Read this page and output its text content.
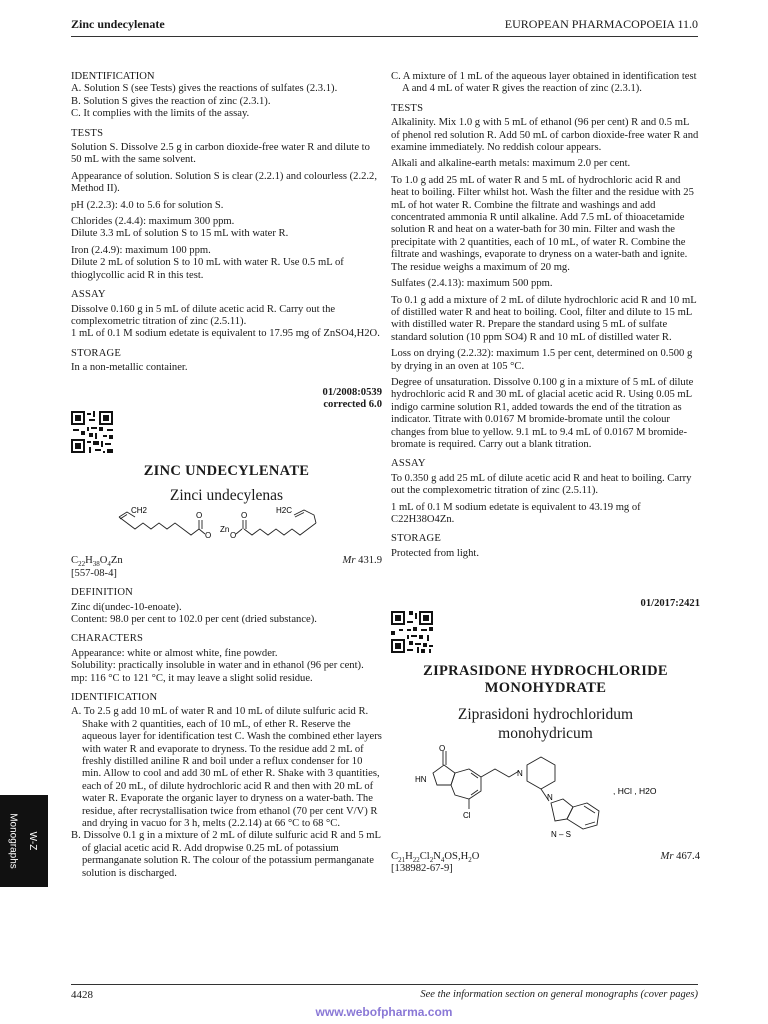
Zinc undecylenate	EUROPEAN PHARMACOPOEIA 11.0

IDENTIFICATION

A. Solution S (see Tests) gives the reactions of sulfates (2.3.1).

B. Solution S gives the reaction of zinc (2.3.1).

C. It complies with the limits of the assay.

TESTS

Solution S. Dissolve 2.5 g in carbon dioxide-free water R and dilute to 50 mL with the same solvent.

Appearance of solution. Solution S is clear (2.2.1) and colourless (2.2.2, Method II).

pH (2.2.3): 4.0 to 5.6 for solution S.

Chlorides (2.4.4): maximum 300 ppm.

Dilute 3.3 mL of solution S to 15 mL with water R.

Iron (2.4.9): maximum 100 ppm.

Dilute 2 mL of solution S to 10 mL with water R. Use 0.5 mL of thioglycollic acid R in this test.

ASSAY

Dissolve 0.160 g in 5 mL of dilute acetic acid R. Carry out the complexometric titration of zinc (2.5.11).

1 mL of 0.1 M sodium edetate is equivalent to 17.95 mg of ZnSO4,H2O.

STORAGE

In a non-metallic container.

01/2008:0539

corrected 6.0

ZINC UNDECYLENATE

Zinci undecylenas

CH2	H2C
O
O
Zn
O
O
$C_{22}H_{38}O_4Zn$	Mr 431.9

[557-08-4]

DEFINITION

Zinc di(undec-10-enoate).

Content: 98.0 per cent to 102.0 per cent (dried substance).

CHARACTERS

Appearance: white or almost white, fine powder.

Solubility: practically insoluble in water and in ethanol (96 per cent).

mp: 116 °C to 121 °C, it may leave a slight solid residue.

IDENTIFICATION

A. To 2.5 g add 10 mL of water R and 10 mL of dilute sulfuric acid R. Shake with 2 quantities, each of 10 mL, of ether R. Reserve the aqueous layer for identification test C. Wash the combined ether layers with water R and evaporate to dryness. To the residue add 2 mL of freshly distilled aniline R and boil under a reflux condenser for 10 min. Allow to cool and add 30 mL of ether R. Shake with 3 quantities, each of 20 mL, of dilute hydrochloric acid R and then with 20 mL of water R. Evaporate the organic layer to dryness on a water-bath. The residue, after recrystallisation twice from ethanol (70 per cent V/V) R and drying in vacuo for 3 h, melts (2.2.14) at 66 °C to 68 °C.

B. Dissolve 0.1 g in a mixture of 2 mL of dilute sulfuric acid R and 5 mL of glacial acetic acid R. Add dropwise 0.25 mL of potassium permanganate solution R. The colour of the potassium permanganate solution is discharged.

C. A mixture of 1 mL of the aqueous layer obtained in identification test A and 4 mL of water R gives the reaction of zinc (2.3.1).

TESTS

Alkalinity. Mix 1.0 g with 5 mL of ethanol (96 per cent) R and 0.5 mL of phenol red solution R. Add 50 mL of carbon dioxide-free water R and examine immediately. No reddish colour appears.

Alkali and alkaline-earth metals: maximum 2.0 per cent.

To 1.0 g add 25 mL of water R and 5 mL of hydrochloric acid R and heat to boiling. Filter whilst hot. Wash the filter and the residue with 25 mL of hot water R. Combine the filtrate and washings and add concentrated ammonia R until alkaline. Add 7.5 mL of thioacetamide solution R and heat on a water-bath for 30 min. Filter and wash the precipitate with 2 quantities, each of 10 mL, of water R. Combine the filtrate and washings, evaporate to dryness on a water-bath and ignite. The residue weighs a maximum of 20 mg.

Sulfates (2.4.13): maximum 500 ppm.

To 0.1 g add a mixture of 2 mL of dilute hydrochloric acid R and 10 mL of distilled water R and heat to boiling. Cool, filter and dilute to 15 mL with distilled water R. Prepare the standard using 5 mL of sulfate standard solution (10 ppm SO4) R and 10 mL of distilled water R.

Loss on drying (2.2.32): maximum 1.5 per cent, determined on 0.500 g by drying in an oven at 105 °C.

Degree of unsaturation. Dissolve 0.100 g in a mixture of 5 mL of dilute hydrochloric acid R and 30 mL of glacial acetic acid R. Using 0.05 mL indigo carmine solution R1, added towards the end of the titration as indicator. Titrate with 0.0167 M bromide-bromate until the colour changes from blue to yellow. 9.1 mL to 9.4 mL of 0.0167 M bromide-bromate is required. Carry out a blank titration.

ASSAY

To 0.350 g add 25 mL of dilute acetic acid R and heat to boiling. Carry out the complexometric titration of zinc (2.5.11).

1 mL of 0.1 M sodium edetate is equivalent to 43.19 mg of C22H38O4Zn.

STORAGE

Protected from light.

01/2017:2421

ZIPRASIDONE HYDROCHLORIDE

MONOHYDRATE

Ziprasidoni hydrochloridum

monohydricum

O
HN
Cl
N
N
N – S
, HCl , H2O
$C_{21}H_{22}Cl_2N_4OS,H_2O$	Mr 467.4

[138982-67-9]

Monographs W-Z
4428	See the information section on general monographs (cover pages)
www.webofpharma.com
